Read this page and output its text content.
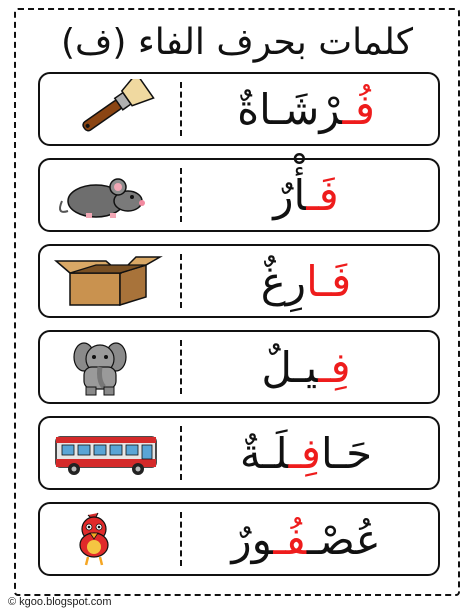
كلمات بحرف الفاء (ف)
فُـرْشَـاةٌ
فَـأْرٌ
فَـارِغٌ
فِـيـلٌ
حَـافِـلَـةٌ
عُصْـفُـورٌ
© kgoo.blogspot.com
